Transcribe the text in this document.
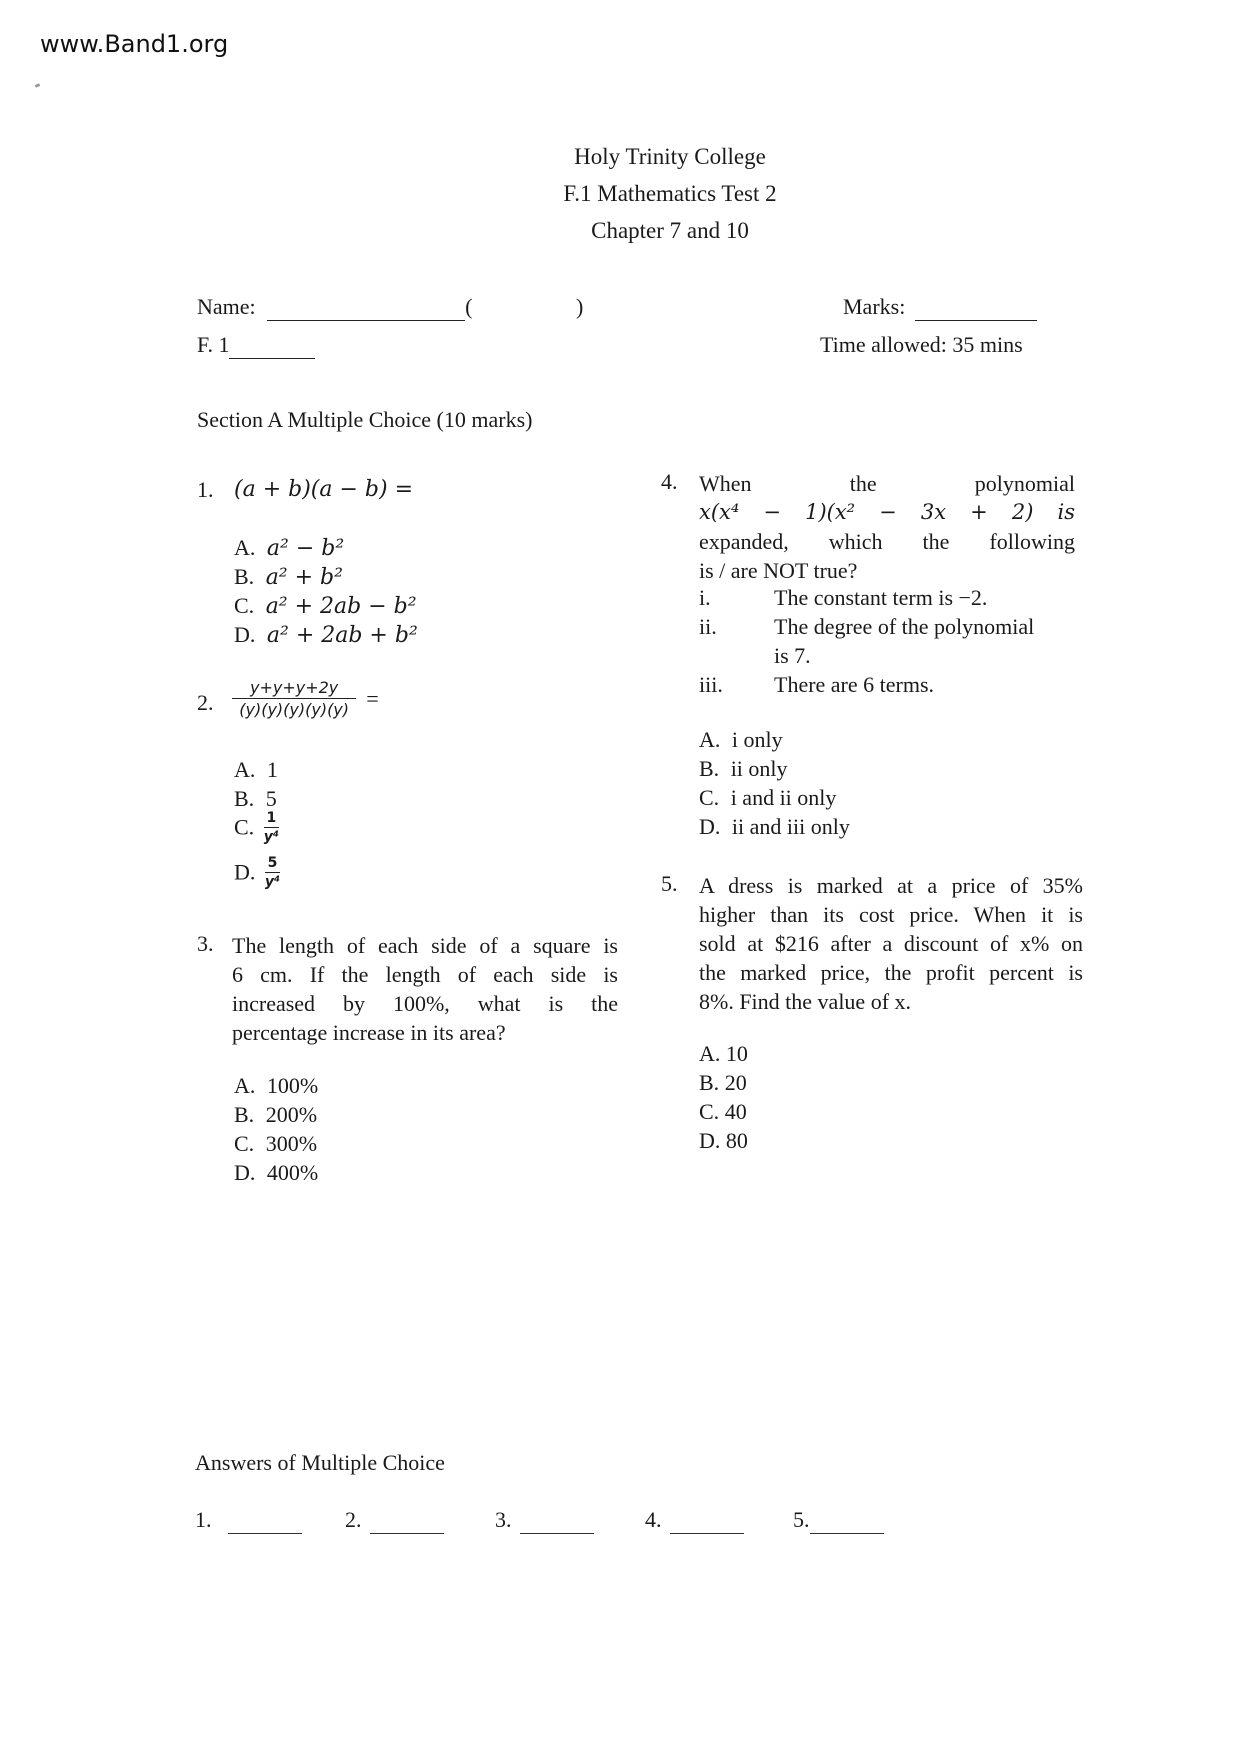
www.Band1.org
Holy Trinity College
F.1 Mathematics Test 2
Chapter 7 and 10
Name:	(	)
F. 1
Marks:
Time allowed: 35 mins
Section A Multiple Choice (10 marks)
1. (a + b)(a − b) =
A. a² − b²
B. a² + b²
C. a² + 2ab − b²
D. a² + 2ab + b²
2. $\frac{y+y+y+2y}{(y)(y)(y)(y)(y)}$ =
A. 1
B. 5
C. $\frac{1}{\text{y⁴}}$
D. $\frac{5}{\text{y⁴}}$
3. The length of each side of a square is
6 cm. If the length of each side is
increased by 100%, what is the
percentage increase in its area?
A. 100%
B. 200%
C. 300%
D. 400%
4. When the polynomial
x(x⁴ − 1)(x² − 3x + 2) is
expanded, which the following
is / are NOT true?
i.	The constant term is −2.
ii.	The degree of the polynomial
is 7.
iii. There are 6 terms.
A. i only
B. ii only
C. i and ii only
D. ii and iii only
5. A dress is marked at a price of 35%
higher than its cost price. When it is
sold at $216 after a discount of x% on
the marked price, the profit percent is
8%. Find the value of x.
A. 10
B. 20
C. 40
D. 80
Answers of Multiple Choice
1.	2.	3.	4.	5.
